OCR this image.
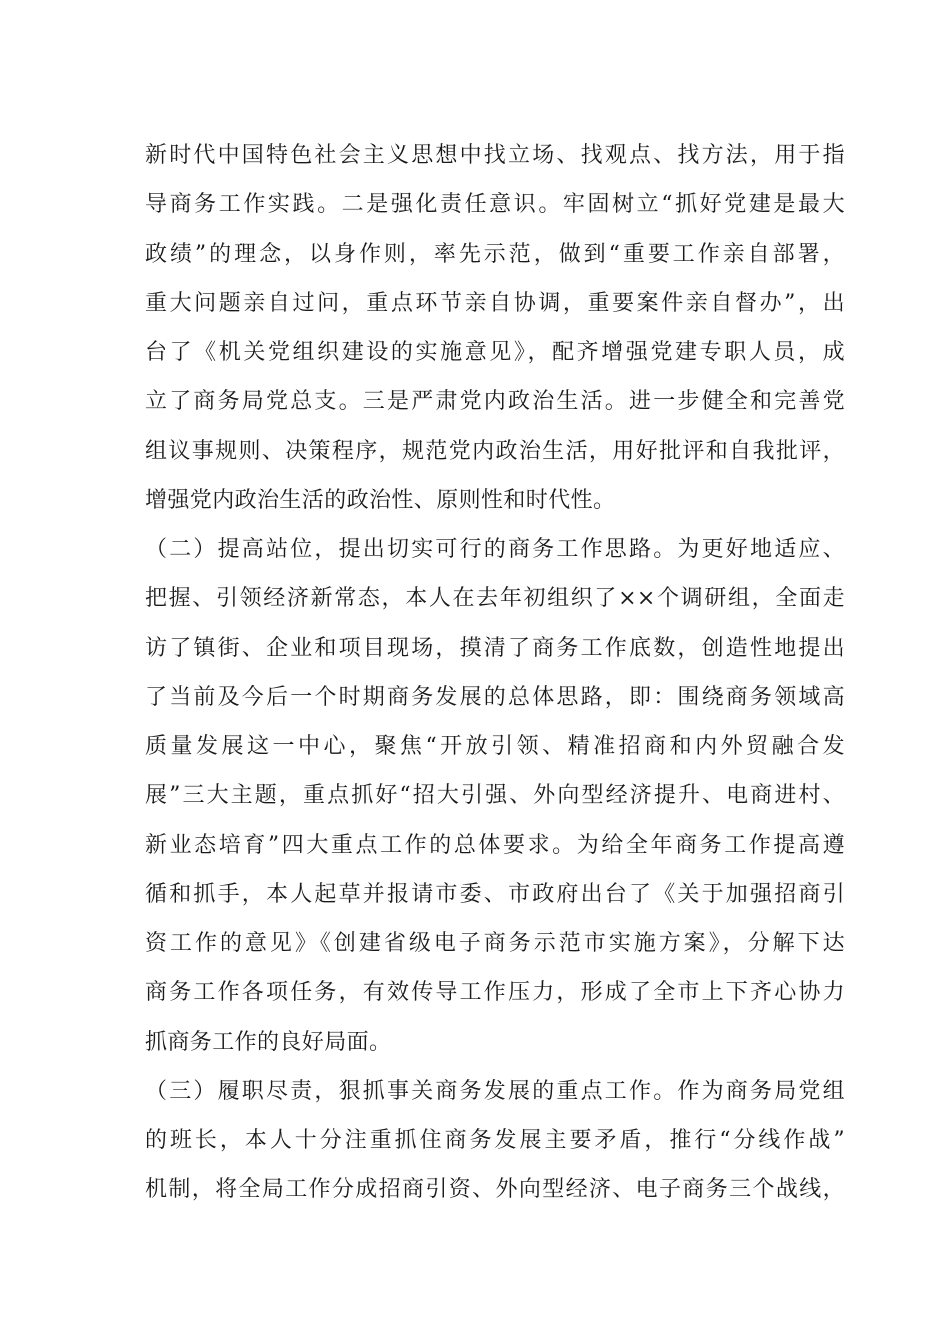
新时代中国特色社会主义思想中找立场、找观点、找方法，用于指
导商务工作实践。二是强化责任意识。牢固树立“抓好党建是最大
政绩”的理念，以身作则，率先示范，做到“重要工作亲自部署，
重大问题亲自过问，重点环节亲自协调，重要案件亲自督办”，出
台了《机关党组织建设的实施意见》，配齐增强党建专职人员，成
立了商务局党总支。三是严肃党内政治生活。进一步健全和完善党
组议事规则、决策程序，规范党内政治生活，用好批评和自我批评，
增强党内政治生活的政治性、原则性和时代性。
（二）提高站位，提出切实可行的商务工作思路。为更好地适应、
把握、引领经济新常态，本人在去年初组织了××个调研组，全面走
访了镇街、企业和项目现场，摸清了商务工作底数，创造性地提出
了当前及今后一个时期商务发展的总体思路，即：围绕商务领域高
质量发展这一中心，聚焦“开放引领、精准招商和内外贸融合发
展”三大主题，重点抓好“招大引强、外向型经济提升、电商进村、
新业态培育”四大重点工作的总体要求。为给全年商务工作提高遵
循和抓手，本人起草并报请市委、市政府出台了《关于加强招商引
资工作的意见》《创建省级电子商务示范市实施方案》，分解下达
商务工作各项任务，有效传导工作压力，形成了全市上下齐心协力
抓商务工作的良好局面。
（三）履职尽责，狠抓事关商务发展的重点工作。作为商务局党组
的班长，本人十分注重抓住商务发展主要矛盾，推行“分线作战”
机制，将全局工作分成招商引资、外向型经济、电子商务三个战线，
